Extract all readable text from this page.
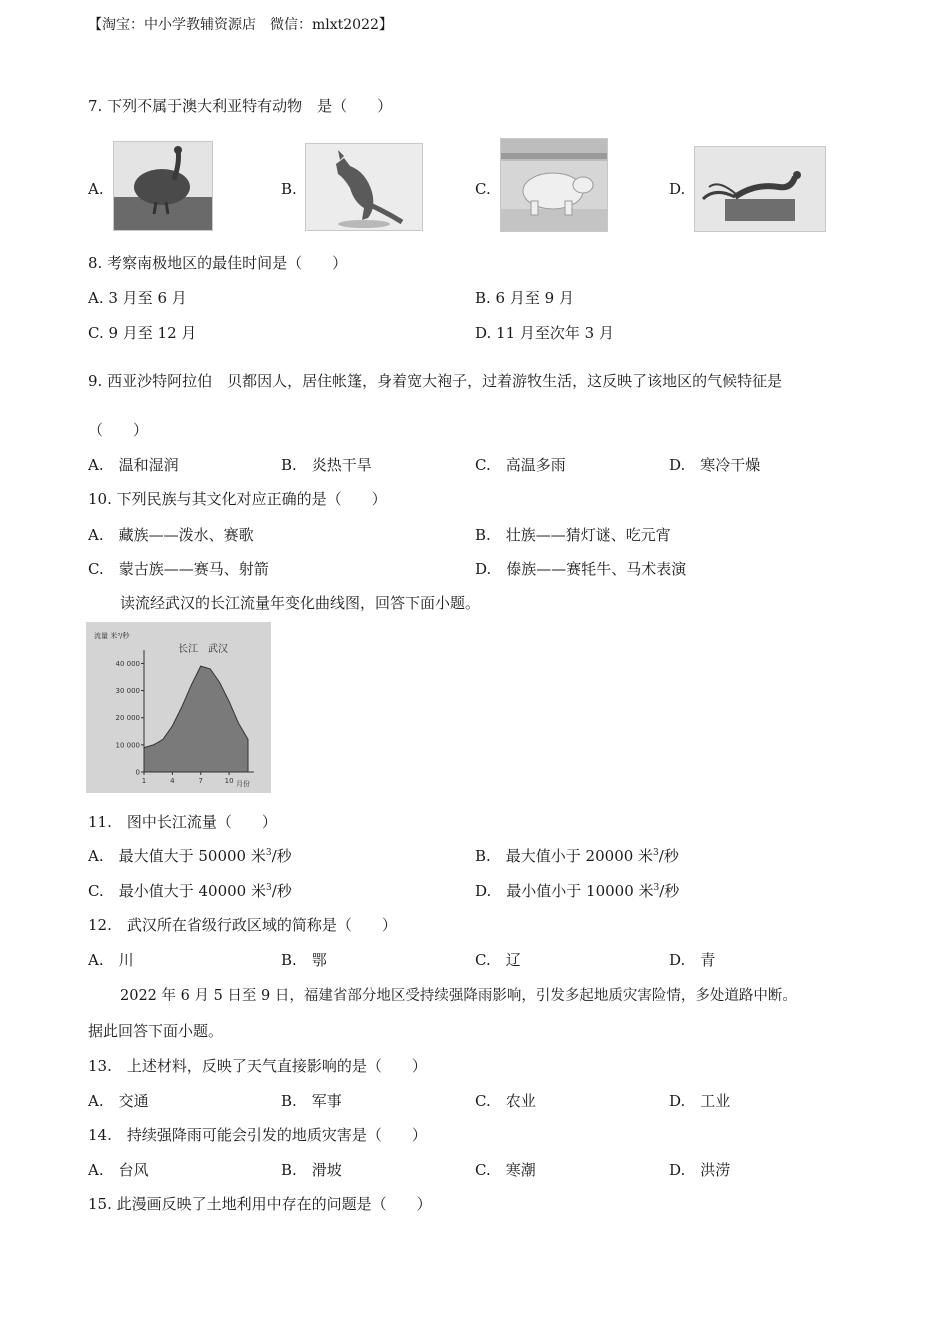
【淘宝：中小学教辅资源店　微信：mlxt2022】
7. 下列不属于澳大利亚特有动物　是（　　）
A.	B.	C.	D.
8. 考察南极地区的最佳时间是（　　）
A. 3 月至 6 月	B. 6 月至 9 月
C. 9 月至 12 月	D. 11 月至次年 3 月
9. 西亚沙特阿拉伯　贝都因人，居住帐篷，身着宽大袍子，过着游牧生活，这反映了该地区的气候特征是
（　　）
A.　温和湿润	B.　炎热干旱	C.　高温多雨	D.　寒冷干燥
10. 下列民族与其文化对应正确的是（　　）
A.　藏族——泼水、赛歌	B.　壮族——猜灯谜、吃元宵
C.　蒙古族——赛马、射箭	D.　傣族——赛牦牛、马术表演
读流经武汉的长江流量年变化曲线图，回答下面小题。
流量 米³/秒
长江　武汉
月份
0
10 000
20 000
30 000
40 000
1	4	7	10
11.　图中长江流量（　　）
A.　最大值大于 50000 米$^3$/秒	B.　最大值小于 20000 米$^3$/秒
C.　最小值大于 40000 米$^3$/秒	D.　最小值小于 10000 米$^3$/秒
12.　武汉所在省级行政区域的简称是（　　）
A.　川	B.　鄂	C.　辽	D.　青
2022 年 6 月 5 日至 9 日，福建省部分地区受持续强降雨影响，引发多起地质灾害险情，多处道路中断。
据此回答下面小题。
13.　上述材料，反映了天气直接影响的是（　　）
A.　交通	B.　军事	C.　农业	D.　工业
14.　持续强降雨可能会引发的地质灾害是（　　）
A.　台风	B.　滑坡	C.　寒潮	D.　洪涝
15. 此漫画反映了土地利用中存在的问题是（　　）
